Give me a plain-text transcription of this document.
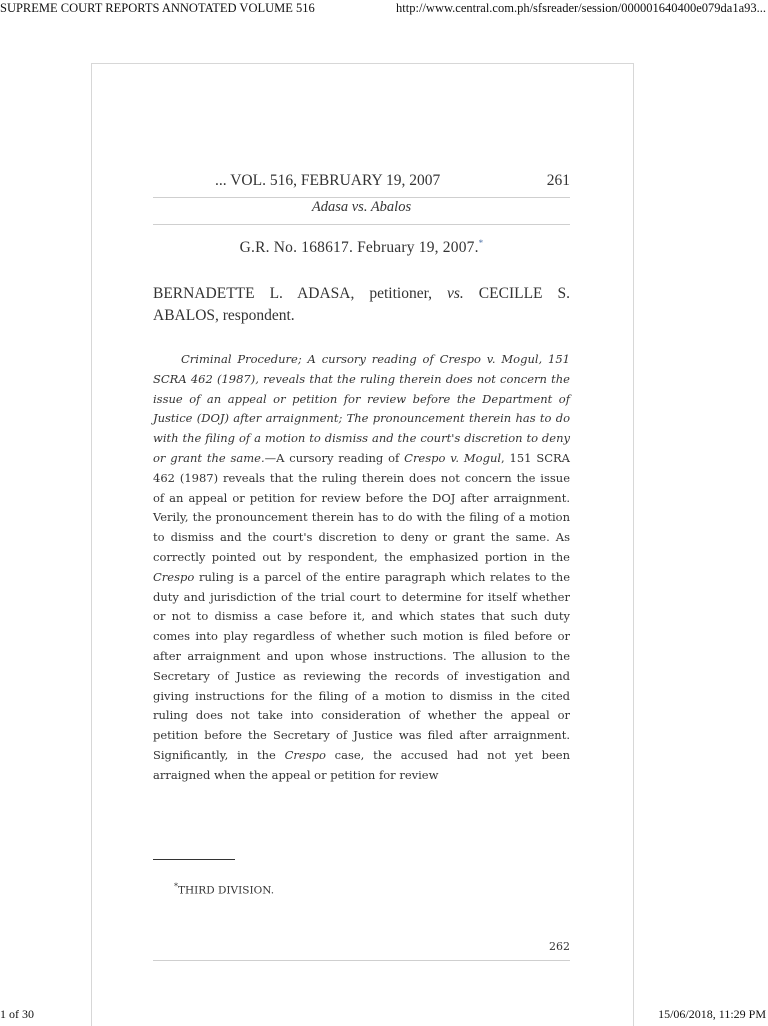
SUPREME COURT REPORTS ANNOTATED VOLUME 516	http://www.central.com.ph/sfsreader/session/000001640400e079da1a93...
... VOL. 516, FEBRUARY 19, 2007	261
Adasa vs. Abalos
G.R. No. 168617. February 19, 2007.*
BERNADETTE L. ADASA, petitioner, vs. CECILLE S. ABALOS, respondent.
Criminal Procedure; A cursory reading of Crespo v. Mogul, 151 SCRA 462 (1987), reveals that the ruling therein does not concern the issue of an appeal or petition for review before the Department of Justice (DOJ) after arraignment; The pronouncement therein has to do with the filing of a motion to dismiss and the court's discretion to deny or grant the same.—A cursory reading of Crespo v. Mogul, 151 SCRA 462 (1987) reveals that the ruling therein does not concern the issue of an appeal or petition for review before the DOJ after arraignment. Verily, the pronouncement therein has to do with the filing of a motion to dismiss and the court's discretion to deny or grant the same. As correctly pointed out by respondent, the emphasized portion in the Crespo ruling is a parcel of the entire paragraph which relates to the duty and jurisdiction of the trial court to determine for itself whether or not to dismiss a case before it, and which states that such duty comes into play regardless of whether such motion is filed before or after arraignment and upon whose instructions. The allusion to the Secretary of Justice as reviewing the records of investigation and giving instructions for the filing of a motion to dismiss in the cited ruling does not take into consideration of whether the appeal or petition before the Secretary of Justice was filed after arraignment. Significantly, in the Crespo case, the accused had not yet been arraigned when the appeal or petition for review
*THIRD DIVISION.
262
1 of 30	15/06/2018, 11:29 PM
